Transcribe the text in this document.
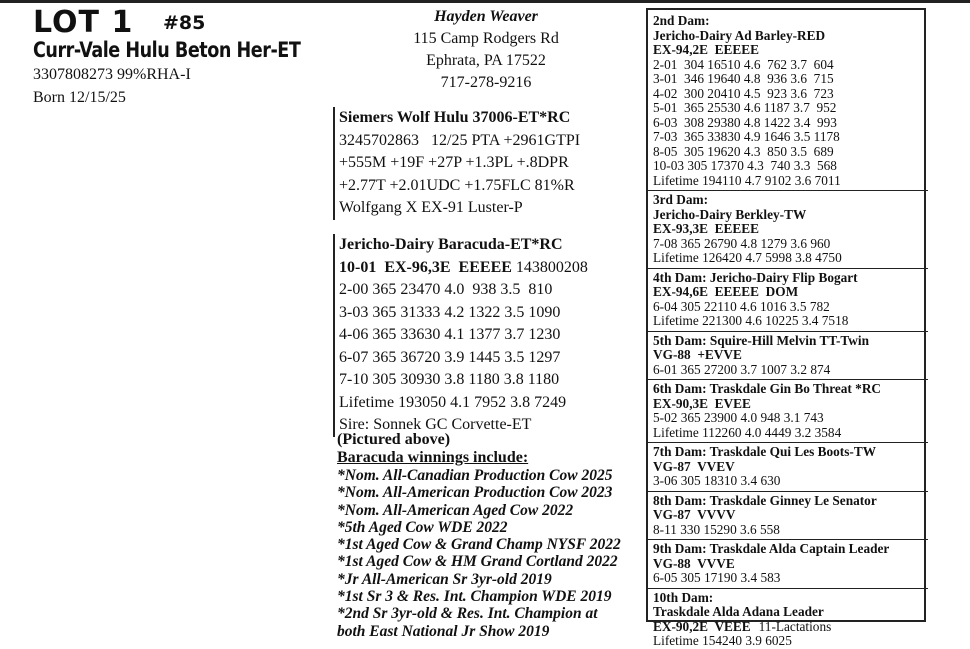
LOT 1 #85
Curr-Vale Hulu Beton Her-ET
3307808273 99%RHA-I
Born 12/15/25
Hayden Weaver
115 Camp Rodgers Rd
Ephrata, PA 17522
717-278-9216
Siemers Wolf Hulu 37006-ET*RC
3245702863   12/25 PTA +2961GTPI
+555M +19F +27P +1.3PL +.8DPR
+2.77T +2.01UDC +1.75FLC 81%R
Wolfgang X EX-91 Luster-P
Jericho-Dairy Baracuda-ET*RC
10-01  EX-96,3E  EEEEE 143800208
2-00 365 23470 4.0  938 3.5  810
3-03 365 31333 4.2 1322 3.5 1090
4-06 365 33630 4.1 1377 3.7 1230
6-07 365 36720 3.9 1445 3.5 1297
7-10 305 30930 3.8 1180 3.8 1180
Lifetime 193050 4.1 7952 3.8 7249
Sire: Sonnek GC Corvette-ET
(Pictured above)
Baracuda winnings include:
*Nom. All-Canadian Production Cow 2025
*Nom. All-American Production Cow 2023
*Nom. All-American Aged Cow 2022
*5th Aged Cow WDE 2022
*1st Aged Cow & Grand Champ NYSF 2022
*1st Aged Cow & HM Grand Cortland 2022
*Jr All-American Sr 3yr-old 2019
*1st Sr 3 & Res. Int. Champion WDE 2019
*2nd Sr 3yr-old & Res. Int. Champion at
both East National Jr Show 2019
2nd Dam:
Jericho-Dairy Ad Barley-RED
EX-94,2E  EEEEE
2-01  304 16510 4.6  762 3.7  604
3-01  346 19640 4.8  936 3.6  715
4-02  300 20410 4.5  923 3.6  723
5-01  365 25530 4.6 1187 3.7  952
6-03  308 29380 4.8 1422 3.4  993
7-03  365 33830 4.9 1646 3.5 1178
8-05  305 19620 4.3  850 3.5  689
10-03 305 17370 4.3  740 3.3  568
Lifetime 194110 4.7 9102 3.6 7011
3rd Dam:
Jericho-Dairy Berkley-TW
EX-93,3E  EEEEE
7-08 365 26790 4.8 1279 3.6 960
Lifetime 126420 4.7 5998 3.8 4750
4th Dam: Jericho-Dairy Flip Bogart
EX-94,6E  EEEEE  DOM
6-04 305 22110 4.6 1016 3.5 782
Lifetime 221300 4.6 10225 3.4 7518
5th Dam: Squire-Hill Melvin TT-Twin
VG-88  +EVVE
6-01 365 27200 3.7 1007 3.2 874
6th Dam: Traskdale Gin Bo Threat *RC
EX-90,3E  EVEE
5-02 365 23900 4.0 948 3.1 743
Lifetime 112260 4.0 4449 3.2 3584
7th Dam: Traskdale Qui Les Boots-TW
VG-87  VVEV
3-06 305 18310 3.4 630
8th Dam: Traskdale Ginney Le Senator
VG-87  VVVV
8-11 330 15290 3.6 558
9th Dam: Traskdale Alda Captain Leader
VG-88  VVVE
6-05 305 17190 3.4 583
10th Dam:
Traskdale Alda Adana Leader
EX-90,2E  VEEE 11-Lactations
Lifetime 154240 3.9 6025
